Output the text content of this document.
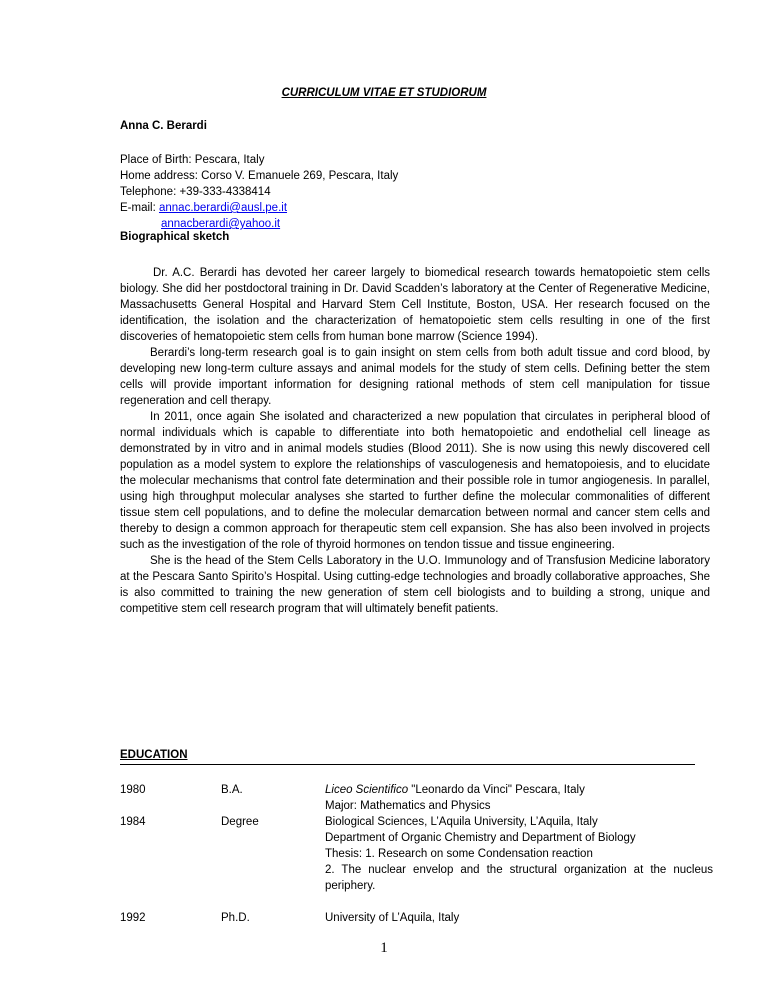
CURRICULUM VITAE ET STUDIORUM
Anna C. Berardi
Place of Birth: Pescara, Italy
Home address: Corso V. Emanuele 269, Pescara, Italy
Telephone: +39-333-4338414
E-mail: annac.berardi@ausl.pe.it
annacberardi@yahoo.it
Biographical sketch

Dr. A.C. Berardi has devoted her career largely to biomedical research towards hematopoietic stem cells biology. She did her postdoctoral training in Dr. David Scadden’s laboratory at the Center of Regenerative Medicine, Massachusetts General Hospital and Harvard Stem Cell Institute, Boston, USA. Her research focused on the identification, the isolation and the characterization of hematopoietic stem cells resulting in one of the first discoveries of hematopoietic stem cells from human bone marrow (Science 1994).

Berardi’s long-term research goal is to gain insight on stem cells from both adult tissue and cord blood, by developing new long-term culture assays and animal models for the study of stem cells. Defining better the stem cells will provide important information for designing rational methods of stem cell manipulation for tissue regeneration and cell therapy.

In 2011, once again She isolated and characterized a new population that circulates in peripheral blood of normal individuals which is capable to differentiate into both hematopoietic and endothelial cell lineage as demonstrated by in vitro and in animal models studies (Blood 2011). She is now using this newly discovered cell population as a model system to explore the relationships of vasculogenesis and hematopoiesis, and to elucidate the molecular mechanisms that control fate determination and their possible role in tumor angiogenesis. In parallel, using high throughput molecular analyses she started to further define the molecular commonalities of different tissue stem cell populations, and to define the molecular demarcation between normal and cancer stem cells and thereby to design a common approach for therapeutic stem cell expansion. She has also been involved in projects such as the investigation of the role of thyroid hormones on tendon tissue and tissue engineering.

She is the head of the Stem Cells Laboratory in the U.O. Immunology and of Transfusion Medicine laboratory at the Pescara Santo Spirito’s Hospital. Using cutting-edge technologies and broadly collaborative approaches, She is also committed to training the new generation of stem cell biologists and to building a strong, unique and competitive stem cell research program that will ultimately benefit patients.

EDUCATION
1980	B.A.	Liceo Scientifico "Leonardo da Vinci" Pescara, Italy
Major: Mathematics and Physics
1984	Degree	Biological Sciences, L’Aquila University, L’Aquila, Italy
Department of Organic Chemistry and Department of Biology
Thesis: 1. Research on some Condensation reaction
2. The nuclear envelop and the structural organization at the nucleus periphery.
1992	Ph.D.	University of L’Aquila, Italy
1
